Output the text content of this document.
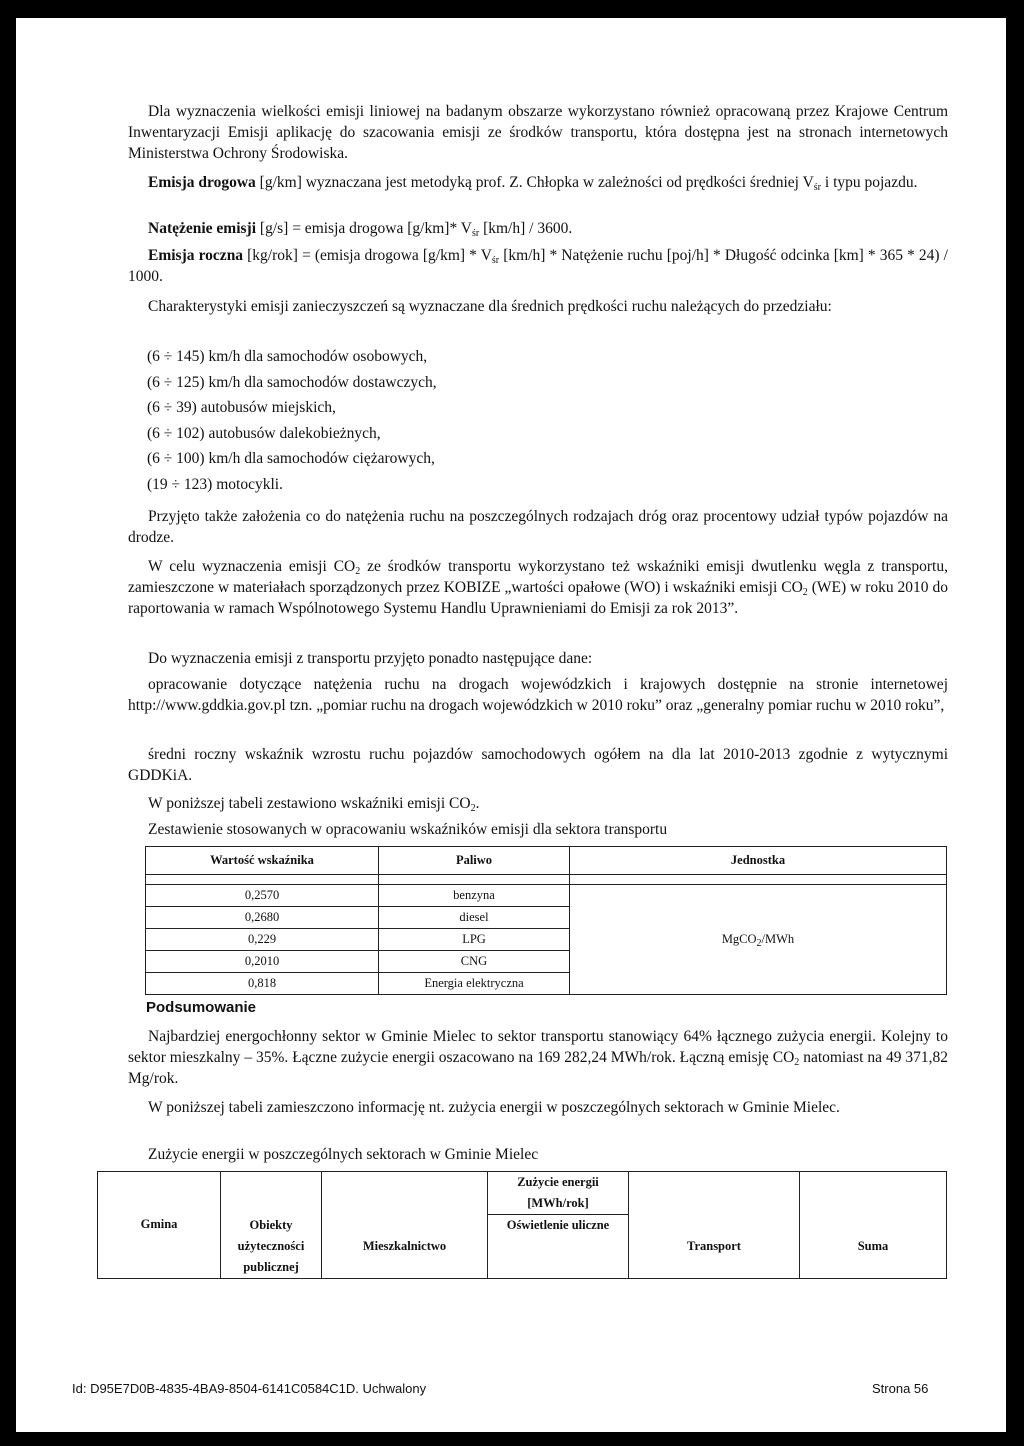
Dla wyznaczenia wielkości emisji liniowej na badanym obszarze wykorzystano również opracowaną przez Krajowe Centrum Inwentaryzacji Emisji aplikację do szacowania emisji ze środków transportu, która dostępna jest na stronach internetowych Ministerstwa Ochrony Środowiska.

Emisja drogowa [g/km] wyznaczana jest metodyką prof. Z. Chłopka w zależności od prędkości średniej $V_{śr}$ i typu pojazdu.

Natężenie emisji [g/s] = emisja drogowa [g/km]* $V_{śr}$ [km/h] / 3600.

Emisja roczna [kg/rok] = (emisja drogowa $[g/km] * V_{śr}$ [km/h] * Natężenie ruchu [poj/h] * Długość odcinka [km] * 365 * 24) / 1000.

Charakterystyki emisji zanieczyszczeń są wyznaczane dla średnich prędkości ruchu należących do przedziału:

(6 ÷ 145) km/h dla samochodów osobowych,
(6 ÷ 125) km/h dla samochodów dostawczych,
(6 ÷ 39) autobusów miejskich,
(6 ÷ 102) autobusów dalekobieżnych,
(6 ÷ 100) km/h dla samochodów ciężarowych,
(19 ÷ 123) motocykli.

Przyjęto także założenia co do natężenia ruchu na poszczególnych rodzajach dróg oraz procentowy udział typów pojazdów na drodze.

W celu wyznaczenia emisji $CO_2$ ze środków transportu wykorzystano też wskaźniki emisji dwutlenku węgla z transportu, zamieszczone w materiałach sporządzonych przez KOBIZE „wartości opałowe (WO) i wskaźniki emisji $CO_2$ (WE) w roku 2010 do raportowania w ramach Wspólnotowego Systemu Handlu Uprawnieniami do Emisji za rok 2013”.

Do wyznaczenia emisji z transportu przyjęto ponadto następujące dane:

opracowanie dotyczące natężenia ruchu na drogach wojewódzkich i krajowych dostępnie na stronie internetowej http://www.gddkia.gov.pl tzn. „pomiar ruchu na drogach wojewódzkich w 2010 roku” oraz „generalny pomiar ruchu w 2010 roku”,

średni roczny wskaźnik wzrostu ruchu pojazdów samochodowych ogółem na dla lat 2010-2013 zgodnie z wytycznymi GDDKiA.

W poniższej tabeli zestawiono wskaźniki emisji $CO_2$.

Zestawienie stosowanych w opracowaniu wskaźników emisji dla sektora transportu

Wartość wskaźnika	Paliwo	Jednostka

0,2570	benzyna	MgCO$_2$/MWh
0,2680	diesel	
0,229	LPG	
0,2010	CNG	
0,818	Energia elektryczna	

Podsumowanie

Najbardziej energochłonny sektor w Gminie Mielec to sektor transportu stanowiący 64% łącznego zużycia energii. Kolejny to sektor mieszkalny – 35%. Łączne zużycie energii oszacowano na 169 282,24 MWh/rok. Łączną emisję $CO_2$ natomiast na 49 371,82 Mg/rok.

W poniższej tabeli zamieszczono informację nt. zużycia energii w poszczególnych sektorach w Gminie Mielec.

Zużycie energii w poszczególnych sektorach w Gminie Mielec

Gmina			Zużycie energii [MWh/rok]		
	Obiekty użyteczności publicznej	Mieszkalnictwo	Oświetlenie uliczne	Transport	Suma
Id: D95E7D0B-4835-4BA9-8504-6141C0584C1D. Uchwalony	Strona 56
